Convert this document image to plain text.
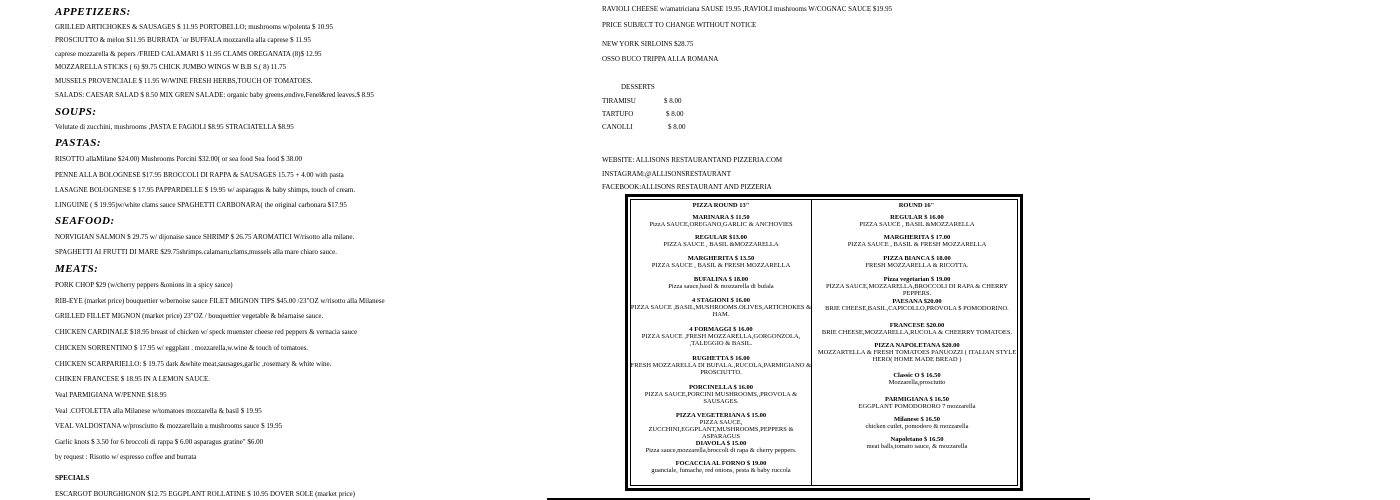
APPETIZERS:
GRILLED ARTICHOKES & SAUSAGES $ 11.95 PORTOBELLO; mushrooms w/polenta $ 10.95
PROSCIUTTO & melon $11.95 BURRATA `or BUFFALA mozzarella alla caprese $ 11.95
caprese mozzarella & pepers /FRIED CALAMARI $ 11.95 CLAMS OREGANATA (8)$ 12.95
MOZZARELLA STICKS ( 6) $9.75 CHICK JUMBO WINGS W B.B S.( 8) 11.75
MUSSELS PROVENCIALE $ 11.95 W/WINE FRESH HERBS,TOUCH OF TOMATOES.
SALADS: CAESAR SALAD $ 8.50 MIX GREN SALADE: organic baby greens,endive,Fenel&red leaves.$ 8.95
SOUPS:
Velutate di zucchini, mushrooms ,PASTA E FAGIOLI $8.95 STRACIATELLA $8.95
PASTAS:
RISOTTO allaMilane $24.00) Mushrooms Porcini $32.00( or sea food Sea food $ 38.00
PENNE ALLA BOLOGNESE $17.95 BROCCOLI DI RAPPA & SAUSAGES 15.75 + 4.00 with pasta
LASAGNE BOLOGNESE $ 17.95 PAPPARDELLE $ 19.95 w/ asparagus & baby shimps, touch of cream.
LINGUINE ( $ 19.95)w/white clams sauce SPAGHETTI CARBONARA( the original carbonara $17.95
SEAFOOD:
NORVIGIAN SALMON $ 29.75 w/ dijonaise sauce SHRIMP $ 26.75 AROMATICI W/risotto alla milane.
SPAGHETTI AI FRUTTI DI MARE $29.75shrimps.calamaru,clams,mussels alla mare chiaro sauce.
MEATS:
PORK CHOP $29 (w/cherry peppers &onions in a spicy sauce)
RIB-EYE (market price) bouquettier w/bernoise sauce FILET MIGNON TIPS $45.00 /23"OZ w/risotto alla Milanese
GRILLED FILLET MIGNON (market price) 23"OZ / bouquettier vegetable & béarnaise sauce.
CHICKEN CARDINALE $18.95 breast of chicken w/ speck muenster cheese red peppers & vernacia sauce
CHICKEN SORRENTINO $ 17.95 w/ eggplant . mozzarella,w.wine & touch of tomatoes.
CHICKEN SCARPARIELLO: $ 19.75 dark &white meat,sausages,garlic ,rosemary & white wine.
CHIKEN FRANCESE $ 18.95 IN A LEMON SAUCE.
Veal PARMIGIANA W/PENNE $18.95
Veal .COTOLETTA alla Milanese w/tomatoes mozzarella & basil $ 19.95
VEAL VALDOSTANA w/prosciutto & mozzarellain a mushrooms sauce $ 19.95
Garlic knots $ 3.50 for 6 broccoli di rappa $ 6.00 asparagus gratine" $6.00
by request : Risotto w/ espresso coffee and burrata
SPECIALS
ESCARGOT BOURGHIGNON $12.75 EGGPLANT ROLLATINE $ 10.95 DOVER SOLE (market price)
RAVIOLI CHEESE w/amatriciana SAUSE 19.95 ,RAVIOLI mushrooms W/COGNAC SAUCE $19.95
PRICE SUBJECT TO CHANGE WITHOUT NOTICE
NEW YORK SIRLOINS $28.75
OSSO BUCO TRIPPA ALLA ROMANA
DESSERTS
TIRAMISU	$ 8.00
TARTUFO	$ 8.00
CANOLLI	$ 8.00
WEBSITE: ALLISONS RESTAURANTAND PIZZERIA.COM
INSTAGRAM:@ALLISONSRESTAURANT
FACEBOOK:ALLISONS RESTAURANT AND PIZZERIA
PIZZA ROUND 13"	ROUND 16"
MARINARA $ 11.50
PizzA SAUCE,OREGANO,GARLIC & ANCHOVIES
REGULAR $13.00
PIZZA SAUCE , BASIL &MOZZARELLA
MARGHERITA $ 13.50
PIZZA SAUCE , BASIL & FRESH MOZZARELLA
BUFALINA $ 18.00
Pizza sauce,basil & mozzarella di bufala
4 STAGIONI $ 16.00
PIZZA SAUCE ,BASIL,MUSHROOMS.OLIVES,ARTICHOKES & HAM.
4 FORMAGGI $ 16.00
PIZZA SAUCE ,FRESH MOZZARELLA,GORGONZOLA, ,TALEGGIO & BASIL.
RUGHETTA $ 16.00
FRESH MOZZARELLA DI BUFALA.,RUCOLA,PARMIGIANO & PROSCIUTTO.
PORCINELLA $ 16.00
PIZZA SAUCE,PORCINI MUSHROOMS,,PROVOLA & SAUSAGES.
PIZZA VEGETERIANA $ 15.00
PIZZA SAUCE, ZUCCHINI,EGGPLANT,MUSHROOMS,PEPPERS & ASPARAGUS
DIAVOLA $ 15.00
Pizza sauce,mozzarella,broccoli di rapa & cherry peppers.
FOCACCIA AL FORNO $ 19.00
guanciale, fumache, red onions, pesta & baby ruccola
REGULAR $ 16.00
PIZZA SAUCE , BASIL &MOZZARELLA
MARGHERITA $ 17.00
PIZZA SAUCE , BASIL & FRESH MOZZARELLA
PIZZA BIANCA $ 18.00
FRESH MOZZARELLA & RICOTTA.
Pizza vegetarian $ 19.00
PIZZA SAUCE,MOZZARELLA,BROCCOLI DI RAPA & CHERRY PEPPERS.
PAESANA $20.00
BRIE CHEESE,BASIL,CAPICOLLO,PROVOLA $ POMODORINO.
FRANCESE $20.00
BRIE CHEESE,MOZZARELLA,RUCOLA & CHEERRY TOMATOES.
PIZZA NAPOLETANA $20.00
MOZZARTELLA & FRESH TOMATOES PANUOZZI ( ITALIAN STYLE HERO( HOME MADE BREAD )
Classic O $ 16.50
Mozzarella,prosciutto
PARMIGIANA $ 16.50
EGGPLANT POMODORORO 7 mozzarella
Milanese $ 16.50
chicken cutlet, pomodoro & mozzarella
Napoletano $ 16.50
meat balls,tomato sauce, & mozzarella
